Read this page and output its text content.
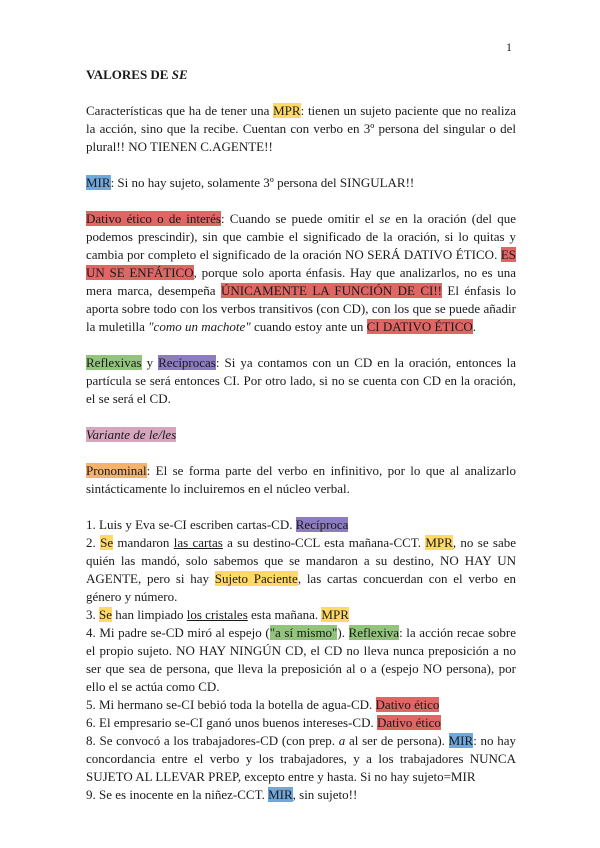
1
VALORES DE SE

Características que ha de tener una MPR: tienen un sujeto paciente que no realiza la acción, sino que la recibe. Cuentan con verbo en 3º persona del singular o del plural!! NO TIENEN C.AGENTE!!

MIR: Si no hay sujeto, solamente 3º persona del SINGULAR!!

Dativo ético o de interés: Cuando se puede omitir el se en la oración (del que podemos prescindir), sin que cambie el significado de la oración, si lo quitas y cambia por completo el significado de la oración NO SERÁ DATIVO ÉTICO. ES UN SE ENFÁTICO, porque solo aporta énfasis. Hay que analizarlos, no es una mera marca, desempeña ÚNICAMENTE LA FUNCIÓN DE CI!! El énfasis lo aporta sobre todo con los verbos transitivos (con CD), con los que se puede añadir la muletilla "como un machote" cuando estoy ante un CI DATIVO ÉTICO.

Reflexivas y Recíprocas: Si ya contamos con un CD en la oración, entonces la partícula se será entonces CI. Por otro lado, si no se cuenta con CD en la oración, el se será el CD.

Variante de le/les

Pronominal: El se forma parte del verbo en infinitivo, por lo que al analizarlo sintácticamente lo incluiremos en el núcleo verbal.

1. Luis y Eva se-CI escriben cartas-CD. Recíproca

2. Se mandaron las cartas a su destino-CCL esta mañana-CCT. MPR, no se sabe quién las mandó, solo sabemos que se mandaron a su destino, NO HAY UN AGENTE, pero si hay Sujeto Paciente, las cartas concuerdan con el verbo en género y número.

3. Se han limpiado los cristales esta mañana. MPR

4. Mi padre se-CD miró al espejo ("a sí mismo"). Reflexiva: la acción recae sobre el propio sujeto. NO HAY NINGÚN CD, el CD no lleva nunca preposición a no ser que sea de persona, que lleva la preposición al o a (espejo NO persona), por ello el se actúa como CD.

5. Mi hermano se-CI bebió toda la botella de agua-CD. Dativo ético

6. El empresario se-CI ganó unos buenos intereses-CD. Dativo ético

8. Se convocó a los trabajadores-CD (con prep. a al ser de persona). MIR: no hay concordancia entre el verbo y los trabajadores, y a los trabajadores NUNCA SUJETO AL LLEVAR PREP, excepto entre y hasta. Si no hay sujeto=MIR

9. Se es inocente en la niñez-CCT. MIR, sin sujeto!!
